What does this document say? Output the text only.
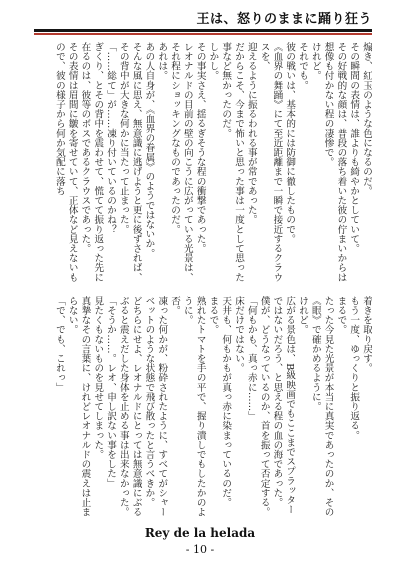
王は、怒りのままに踊り狂う

煽き、紅玉のような色になるのだ。

その瞬間の表情は、誰よりも綺やかとしていて。

その好戦的な顔は、普段の落ち着いた彼の佇まいからは想像も付かない程の凄惨で。

けれど。

それでも。

彼の戦いは、基本的には防御に徹したもので。

《血界の舞踊》にて至近距離まで一瞬で接近するクラウスを、

迎えるように振るわれる事が常であった。

だからこそ、今まで怖いと思った事は一度として思った事など無かったのだ。

しかし。

その事実さえ、揺るぎそうな程の衝撃であった。

レオナルドの目前の壁の向こうに広がっている光景は、それ程にショッキングなものであったのだ。

あれは。

あの人自身が、《血界の眷属》のようではないか。

そんな風に思え、無意識に逃げようと更に後ずされば、その背中が大きな何かに当たって止まった。

「……総て」が……凍り付いているのかね？

ぎくり、とその背中を震わせて、慌てて振り返った先に在るのは、彼等のボスであるクラウスであった。

その表情は眉間に皺を寄せていて、正体など見えないもので、彼の様子から何か気配に落ち

着きを取り戻す。

もう一度、ゆっくりと振り返る。

まるで。

たった今見た光景が本当に真実であったのか、その《眼》で確かめるように。

けれど。

広がる景色は、B級映画でもここまでスプラッターではないだろう、と思える程の血の海であった。

僕が、どうなっているのか、首を振って否定する。

「何もかも、真っ赤に……」

床だけではない。

天井も、何もかもが真っ赤に染まっているのだ。

まるで。

熟れたトマトを手の平で、握り潰しでもしたかのように。

否。

凍った何かが、粉砕されたように、すべてがシャーベットのような状態で飛び散ったと言うべきか。

どちらにせよ、レオナルドにとっては無意識にぶるぶると震えだした身体を止める事は出来なかった。

「そうか……。レオ、申し訳ない事をした」

見たくもないものを見せてしまった。

真摯なその言葉に、けれどレオナルドの震えは止まらない。

「で、でも、これっ」

Rey de la helada
- 10 -
